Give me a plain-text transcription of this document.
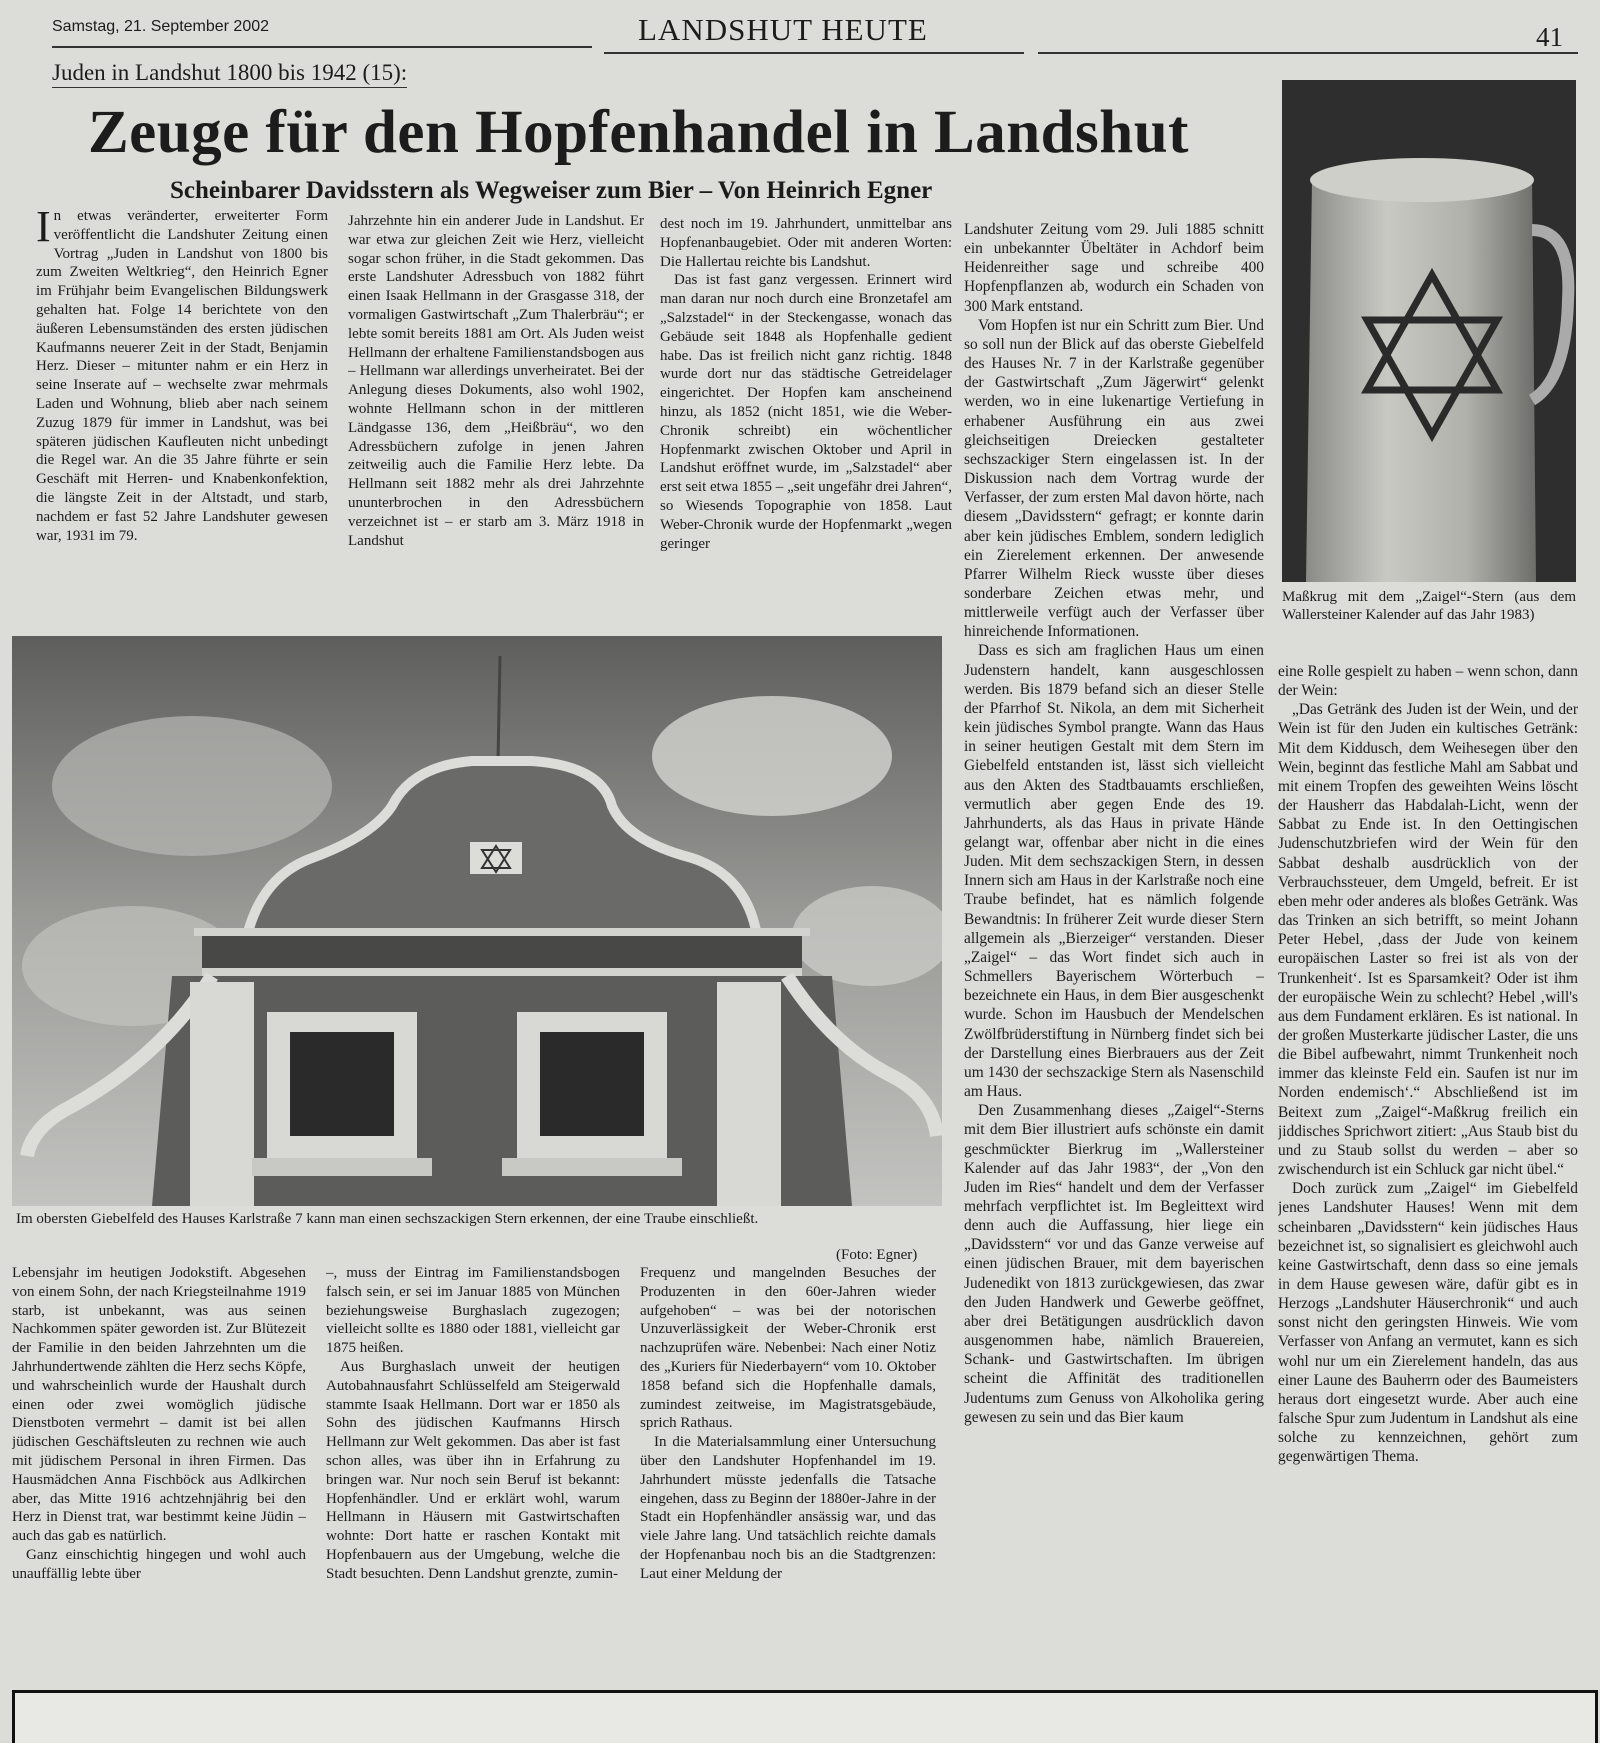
Samstag, 21. September 2002	LANDSHUT HEUTE	41
Juden in Landshut 1800 bis 1942 (15):
Zeuge für den Hopfenhandel in Landshut
Scheinbarer Davidsstern als Wegweiser zum Bier – Von Heinrich Egner

In etwas veränderter, erweiterter Form veröffentlicht die Landshuter Zeitung einen Vortrag „Juden in Landshut von 1800 bis zum Zweiten Weltkrieg“, den Heinrich Egner im Frühjahr beim Evangelischen Bildungswerk gehalten hat. Folge 14 berichtete von den äußeren Lebensumständen des ersten jüdischen Kaufmanns neuerer Zeit in der Stadt, Benjamin Herz. Dieser – mitunter nahm er ein Herz in seine Inserate auf – wechselte zwar mehrmals Laden und Wohnung, blieb aber nach seinem Zuzug 1879 für immer in Landshut, was bei späteren jüdischen Kaufleuten nicht unbedingt die Regel war. An die 35 Jahre führte er sein Geschäft mit Herren- und Knabenkonfektion, die längste Zeit in der Altstadt, und starb, nachdem er fast 52 Jahre Landshuter gewesen war, 1931 im 79.

Jahrzehnte hin ein anderer Jude in Landshut. Er war etwa zur gleichen Zeit wie Herz, vielleicht sogar schon früher, in die Stadt gekommen. Das erste Landshuter Adressbuch von 1882 führt einen Isaak Hellmann in der Grasgasse 318, der vormaligen Gastwirtschaft „Zum Thalerbräu“; er lebte somit bereits 1881 am Ort. Als Juden weist Hellmann der erhaltene Familienstandsbogen aus – Hellmann war allerdings unverheiratet. Bei der Anlegung dieses Dokuments, also wohl 1902, wohnte Hellmann schon in der mittleren Ländgasse 136, dem „Heißbräu“, wo den Adressbüchern zufolge in jenen Jahren zeitweilig auch die Familie Herz lebte. Da Hellmann seit 1882 mehr als drei Jahrzehnte ununterbrochen in den Adressbüchern verzeichnet ist – er starb am 3. März 1918 in Landshut

dest noch im 19. Jahrhundert, unmittelbar ans Hopfenanbaugebiet. Oder mit anderen Worten: Die Hallertau reichte bis Landshut.

Das ist fast ganz vergessen. Erinnert wird man daran nur noch durch eine Bronzetafel am „Salzstadel“ in der Steckengasse, wonach das Gebäude seit 1848 als Hopfenhalle gedient habe. Das ist freilich nicht ganz richtig. 1848 wurde dort nur das städtische Getreidelager eingerichtet. Der Hopfen kam anscheinend hinzu, als 1852 (nicht 1851, wie die Weber-Chronik schreibt) ein wöchentlicher Hopfenmarkt zwischen Oktober und April in Landshut eröffnet wurde, im „Salzstadel“ aber erst seit etwa 1855 – „seit ungefähr drei Jahren“, so Wiesends Topographie von 1858. Laut Weber-Chronik wurde der Hopfenmarkt „wegen geringer

Landshuter Zeitung vom 29. Juli 1885 schnitt ein unbekannter Übeltäter in Achdorf beim Heidenreither sage und schreibe 400 Hopfenpflanzen ab, wodurch ein Schaden von 300 Mark entstand.

Vom Hopfen ist nur ein Schritt zum Bier. Und so soll nun der Blick auf das oberste Giebelfeld des Hauses Nr. 7 in der Karlstraße gegenüber der Gastwirtschaft „Zum Jägerwirt“ gelenkt werden, wo in eine lukenartige Vertiefung in erhabener Ausführung ein aus zwei gleichseitigen Dreiecken gestalteter sechszackiger Stern eingelassen ist. In der Diskussion nach dem Vortrag wurde der Verfasser, der zum ersten Mal davon hörte, nach diesem „Davidsstern“ gefragt; er konnte darin aber kein jüdisches Emblem, sondern lediglich ein Zierelement erkennen. Der anwesende Pfarrer Wilhelm Rieck wusste über dieses sonderbare Zeichen etwas mehr, und mittlerweile verfügt auch der Verfasser über hinreichende Informationen.

Dass es sich am fraglichen Haus um einen Judenstern handelt, kann ausgeschlossen werden. Bis 1879 befand sich an dieser Stelle der Pfarrhof St. Nikola, an dem mit Sicherheit kein jüdisches Symbol prangte. Wann das Haus in seiner heutigen Gestalt mit dem Stern im Giebelfeld entstanden ist, lässt sich vielleicht aus den Akten des Stadtbauamts erschließen, vermutlich aber gegen Ende des 19. Jahrhunderts, als das Haus in private Hände gelangt war, offenbar aber nicht in die eines Juden. Mit dem sechszackigen Stern, in dessen Innern sich am Haus in der Karlstraße noch eine Traube befindet, hat es nämlich folgende Bewandtnis: In früherer Zeit wurde dieser Stern allgemein als „Bierzeiger“ verstanden. Dieser „Zaigel“ – das Wort findet sich auch in Schmellers Bayerischem Wörterbuch – bezeichnete ein Haus, in dem Bier ausgeschenkt wurde. Schon im Hausbuch der Mendelschen Zwölfbrüderstiftung in Nürnberg findet sich bei der Darstellung eines Bierbrauers aus der Zeit um 1430 der sechszackige Stern als Nasenschild am Haus.

Den Zusammenhang dieses „Zaigel“-Sterns mit dem Bier illustriert aufs schönste ein damit geschmückter Bierkrug im „Wallersteiner Kalender auf das Jahr 1983“, der „Von den Juden im Ries“ handelt und dem der Verfasser mehrfach verpflichtet ist. Im Begleittext wird denn auch die Auffassung, hier liege ein „Davidsstern“ vor und das Ganze verweise auf einen jüdischen Brauer, mit dem bayerischen Judenedikt von 1813 zurückgewiesen, das zwar den Juden Handwerk und Gewerbe geöffnet, aber drei Betätigungen ausdrücklich davon ausgenommen habe, nämlich Brauereien, Schank- und Gastwirtschaften. Im übrigen scheint die Affinität des traditionellen Judentums zum Genuss von Alkoholika gering gewesen zu sein und das Bier kaum

Maßkrug mit dem „Zaigel“-Stern (aus dem Wallersteiner Kalender auf das Jahr 1983)

eine Rolle gespielt zu haben – wenn schon, dann der Wein:

„Das Getränk des Juden ist der Wein, und der Wein ist für den Juden ein kultisches Getränk: Mit dem Kiddusch, dem Weihesegen über den Wein, beginnt das festliche Mahl am Sabbat und mit einem Tropfen des geweihten Weins löscht der Hausherr das Habdalah-Licht, wenn der Sabbat zu Ende ist. In den Oettingischen Judenschutzbriefen wird der Wein für den Sabbat deshalb ausdrücklich von der Verbrauchssteuer, dem Umgeld, befreit. Er ist eben mehr oder anderes als bloßes Getränk. Was das Trinken an sich betrifft, so meint Johann Peter Hebel, ‚dass der Jude von keinem europäischen Laster so frei ist als von der Trunkenheit‘. Ist es Sparsamkeit? Oder ist ihm der europäische Wein zu schlecht? Hebel ‚will's aus dem Fundament erklären. Es ist national. In der großen Musterkarte jüdischer Laster, die uns die Bibel aufbewahrt, nimmt Trunkenheit noch immer das kleinste Feld ein. Saufen ist nur im Norden endemisch‘.“ Abschließend ist im Beitext zum „Zaigel“-Maßkrug freilich ein jiddisches Sprichwort zitiert: „Aus Staub bist du und zu Staub sollst du werden – aber so zwischendurch ist ein Schluck gar nicht übel.“

Doch zurück zum „Zaigel“ im Giebelfeld jenes Landshuter Hauses! Wenn mit dem scheinbaren „Davidsstern“ kein jüdisches Haus bezeichnet ist, so signalisiert es gleichwohl auch keine Gastwirtschaft, denn dass so eine jemals in dem Hause gewesen wäre, dafür gibt es in Herzogs „Landshuter Häuserchronik“ und auch sonst nicht den geringsten Hinweis. Wie vom Verfasser von Anfang an vermutet, kann es sich wohl nur um ein Zierelement handeln, das aus einer Laune des Bauherrn oder des Baumeisters heraus dort eingesetzt wurde. Aber auch eine falsche Spur zum Judentum in Landshut als eine solche zu kennzeichnen, gehört zum gegenwärtigen Thema.

Im obersten Giebelfeld des Hauses Karlstraße 7 kann man einen sechszackigen Stern erkennen, der eine Traube einschließt.
(Foto: Egner)

Lebensjahr im heutigen Jodokstift. Abgesehen von einem Sohn, der nach Kriegsteilnahme 1919 starb, ist unbekannt, was aus seinen Nachkommen später geworden ist. Zur Blütezeit der Familie in den beiden Jahrzehnten um die Jahrhundertwende zählten die Herz sechs Köpfe, und wahrscheinlich wurde der Haushalt durch einen oder zwei womöglich jüdische Dienstboten vermehrt – damit ist bei allen jüdischen Geschäftsleuten zu rechnen wie auch mit jüdischem Personal in ihren Firmen. Das Hausmädchen Anna Fischböck aus Adlkirchen aber, das Mitte 1916 achtzehnjährig bei den Herz in Dienst trat, war bestimmt keine Jüdin – auch das gab es natürlich.

Ganz einschichtig hingegen und wohl auch unauffällig lebte über

–, muss der Eintrag im Familienstandsbogen falsch sein, er sei im Januar 1885 von München beziehungsweise Burghaslach zugezogen; vielleicht sollte es 1880 oder 1881, vielleicht gar 1875 heißen.

Aus Burghaslach unweit der heutigen Autobahnausfahrt Schlüsselfeld am Steigerwald stammte Isaak Hellmann. Dort war er 1850 als Sohn des jüdischen Kaufmanns Hirsch Hellmann zur Welt gekommen. Das aber ist fast schon alles, was über ihn in Erfahrung zu bringen war. Nur noch sein Beruf ist bekannt: Hopfenhändler. Und er erklärt wohl, warum Hellmann in Häusern mit Gastwirtschaften wohnte: Dort hatte er raschen Kontakt mit Hopfenbauern aus der Umgebung, welche die Stadt besuchten. Denn Landshut grenzte, zumin-

Frequenz und mangelnden Besuches der Produzenten in den 60er-Jahren wieder aufgehoben“ – was bei der notorischen Unzuverlässigkeit der Weber-Chronik erst nachzuprüfen wäre. Nebenbei: Nach einer Notiz des „Kuriers für Niederbayern“ vom 10. Oktober 1858 befand sich die Hopfenhalle damals, zumindest zeitweise, im Magistratsgebäude, sprich Rathaus.

In die Materialsammlung einer Untersuchung über den Landshuter Hopfenhandel im 19. Jahrhundert müsste jedenfalls die Tatsache eingehen, dass zu Beginn der 1880er-Jahre in der Stadt ein Hopfenhändler ansässig war, und das viele Jahre lang. Und tatsächlich reichte damals der Hopfenanbau noch bis an die Stadtgrenzen: Laut einer Meldung der
